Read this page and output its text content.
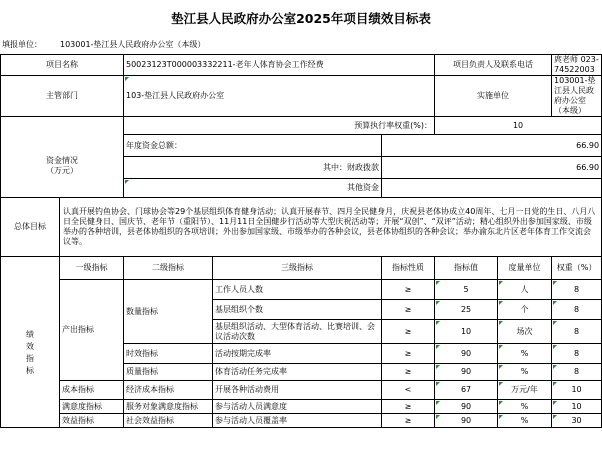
垫江县人民政府办公室2025年项目绩效目标表
填报单位： 103001-垫江县人民政府办公室（本级）
项目名称		50023123T000003332211-老年人体育协会工作经费			项目负责人及联系电话		庹老师 023-74522003
主管部门		103-垫江县人民政府办公室			实施单位		103001-垫江县人民政府办公室（本级）
		预算执行率权重(%)：			10		
资金情况
（万元）		年度资金总额：		66.90			
		其中：财政拨款		66.90			
		其他资金					
总体目标	认真开展钓鱼协会、门球协会等29个基层组织体育健身活动；认真开展春节、四月全民健身月，庆祝县老体协成立40周年、七月一日党的生日、八月八日全民健身日、国庆节、老年节（重阳节）、11月11日全国健步行活动等大型庆祝活动等；开展“双创”、“双评”活动；精心组织外出参加国家级、市级举办的各种培训，县老体协组织的各项培训；外出参加国家级、市级举办的各种会议，县老体协组织的各种会议；举办渝东北片区老年体育工作交流会议等。						
	一级指标	二级指标	三级指标	指标性质	指标值	度量单位	权重（%）

绩效指标	产出指标	数量指标	工作人员人数	≥	5	人	8
			基层组织个数	≥	25	个	8
			基层组织活动、大型体育活动、比赛培训、会议活动次数	≥	10	场次	8
		时效指标	活动按期完成率	≥	90	%	8
		质量指标	体育活动任务完成率	≥	90	%	8
	成本指标	经济成本指标	开展各种活动费用	<	67	万元/年	10
	满意度指标	服务对象满意度指标	参与活动人员满意度	≥	90	%	10
	效益指标	社会效益指标	参与活动人员覆盖率	≥	90	%	30
